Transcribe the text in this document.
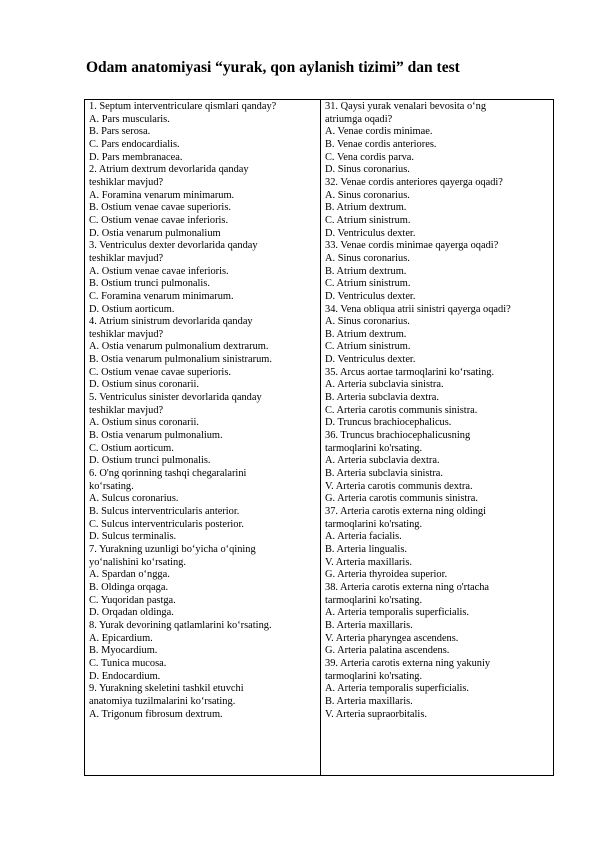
Odam anatomiyasi “yurak, qon aylanish tizimi” dan test
1. Septum interventriculare qismlari qanday?
A. Pars muscularis.
B. Pars serosa.
C. Pars endocardialis.
D. Pars membranacea.
2. Atrium dextrum devorlarida qanday
teshiklar mavjud?
A. Foramina venarum minimarum.
B. Ostium venae cavae superioris.
C. Ostium venae cavae inferioris.
D. Ostia venarum pulmonalium
3. Ventriculus dexter devorlarida qanday
teshiklar mavjud?
A. Ostium venae cavae inferioris.
B. Ostium trunci pulmonalis.
C. Foramina venarum minimarum.
D. Ostium aorticum.
4. Atrium sinistrum devorlarida qanday
teshiklar mavjud?
A. Ostia venarum pulmonalium dextrarum.
B. Ostia venarum pulmonalium sinistrarum.
C. Ostium venae cavae superioris.
D. Ostium sinus coronarii.
5. Ventriculus sinister devorlarida qanday
teshiklar mavjud?
A. Ostium sinus coronarii.
B. Ostia venarum pulmonalium.
C. Ostium aorticum.
D. Ostium trunci pulmonalis.
6. O'ng qorinning tashqi chegaralarini
ko‘rsating.
A. Sulcus coronarius.
B. Sulcus interventricularis anterior.
C. Sulcus interventricularis posterior.
D. Sulcus terminalis.
7. Yurakning uzunligi bo‘yicha o‘qining
yo‘nalishini ko‘rsating.
A. Spardan o‘ngga.
B. Oldinga orqaga.
C. Yuqoridan pastga.
D. Orqadan oldinga.
8. Yurak devorining qatlamlarini ko‘rsating.
A. Epicardium.
B. Myocardium.
C. Tunica mucosa.
D. Endocardium.
9. Yurakning skeletini tashkil etuvchi
anatomiya tuzilmalarini ko‘rsating.
A. Trigonum fibrosum dextrum.
31. Qaysi yurak venalari bevosita o‘ng
atriumga oqadi?
A. Venae cordis minimae.
B. Venae cordis anteriores.
C. Vena cordis parva.
D. Sinus coronarius.
32. Venae cordis anteriores qayerga oqadi?
A. Sinus coronarius.
B. Atrium dextrum.
C. Atrium sinistrum.
D. Ventriculus dexter.
33. Venae cordis minimae qayerga oqadi?
A. Sinus coronarius.
B. Atrium dextrum.
C. Atrium sinistrum.
D. Ventriculus dexter.
34. Vena obliqua atrii sinistri qayerga oqadi?
A. Sinus coronarius.
B. Atrium dextrum.
C. Atrium sinistrum.
D. Ventriculus dexter.
35. Arcus aortae tarmoqlarini ko‘rsating.
A. Arteria subclavia sinistra.
B. Arteria subclavia dextra.
C. Arteria carotis communis sinistra.
D. Truncus brachiocephalicus.
36. Truncus brachiocephalicusning
tarmoqlarini ko'rsating.
A. Arteria subclavia dextra.
B. Arteria subclavia sinistra.
V. Arteria carotis communis dextra.
G. Arteria carotis communis sinistra.
37. Arteria carotis externa ning oldingi
tarmoqlarini ko'rsating.
A. Arteria facialis.
B. Arteria lingualis.
V. Arteria maxillaris.
G. Arteria thyroidea superior.
38. Arteria carotis externa ning o'rtacha
tarmoqlarini ko'rsating.
A. Arteria temporalis superficialis.
B. Arteria maxillaris.
V. Arteria pharyngea ascendens.
G. Arteria palatina ascendens.
39. Arteria carotis externa ning yakuniy
tarmoqlarini ko'rsating.
A. Arteria temporalis superficialis.
B. Arteria maxillaris.
V. Arteria supraorbitalis.
